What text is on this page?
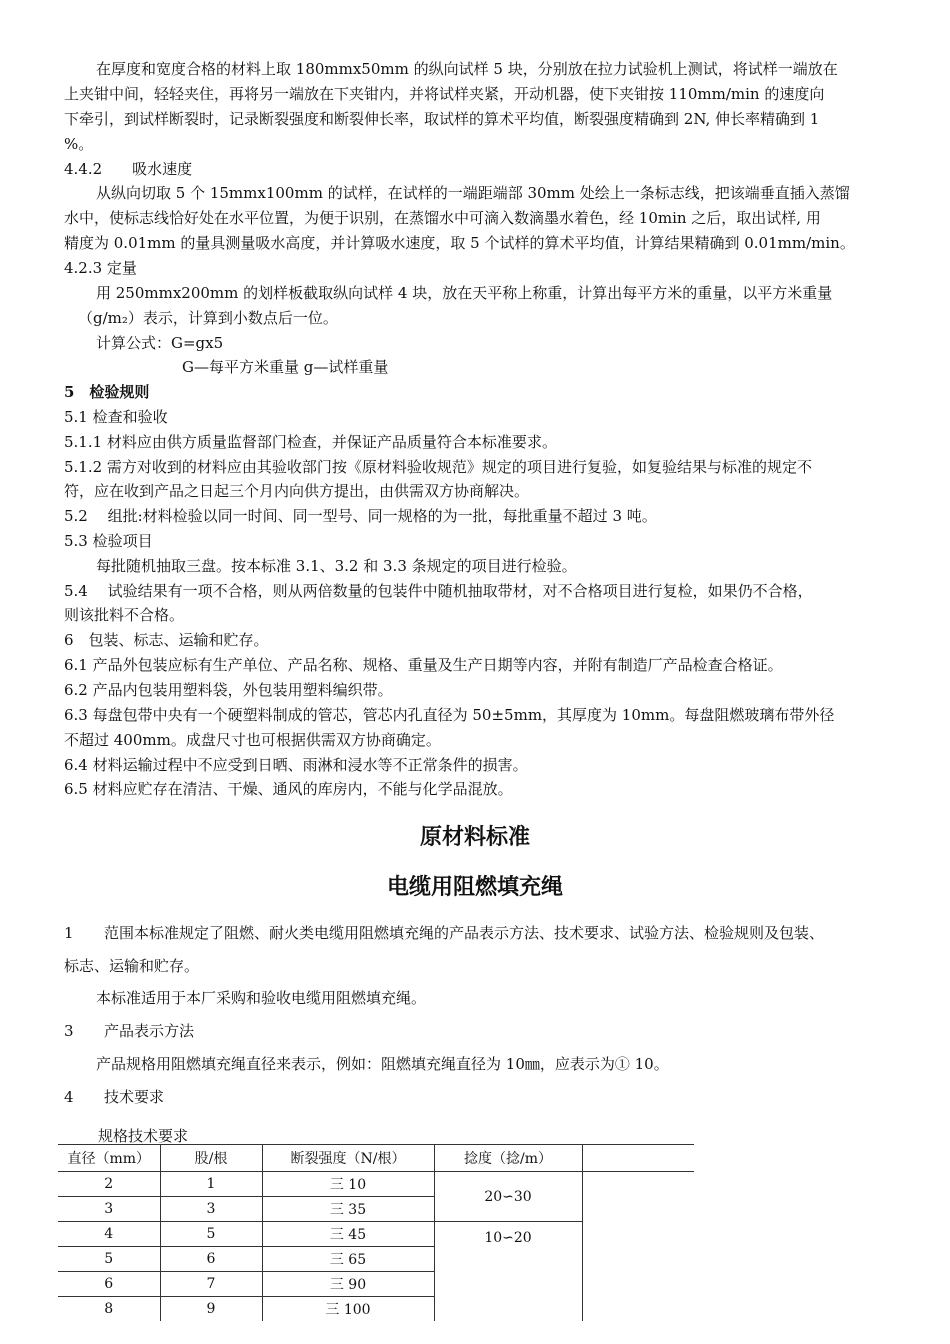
在厚度和宽度合格的材料上取 180mmx50mm 的纵向试样 5 块，分别放在拉力试验机上测试，将试样一端放在
上夹钳中间，轻轻夹住，再将另一端放在下夹钳内，并将试样夹紧，开动机器，使下夹钳按 110mm/min 的速度向
下牵引，到试样断裂时，记录断裂强度和断裂伸长率，取试样的算术平均值，断裂强度精确到 2N, 伸长率精确到 1
%。
4.4.2　　吸水速度
从纵向切取 5 个 15mmx100mm 的试样，在试样的一端距端部 30mm 处绘上一条标志线，把该端垂直插入蒸馏
水中，使标志线恰好处在水平位置，为便于识别，在蒸馏水中可滴入数滴墨水着色，经 10min 之后，取出试样, 用
精度为 0.01mm 的量具测量吸水高度，并计算吸水速度，取 5 个试样的算术平均值，计算结果精确到 0.01mm/min。
4.2.3 定量
用 250mmx200mm 的划样板截取纵向试样 4 块，放在天平称上称重，计算出每平方米的重量，以平方米重量
（g/m₂）表示，计算到小数点后一位。
计算公式：G=gx5
G—每平方米重量 g—试样重量
5　检验规则
5.1 检查和验收
5.1.1 材料应由供方质量监督部门检查，并保证产品质量符合本标准要求。
5.1.2 需方对收到的材料应由其验收部门按《原材料验收规范》规定的项目进行复验，如复验结果与标准的规定不
符，应在收到产品之日起三个月内向供方提出，由供需双方协商解决。
5.2　 组批:材料检验以同一时间、同一型号、同一规格的为一批，每批重量不超过 3 吨。
5.3 检验项目
每批随机抽取三盘。按本标准 3.1、3.2 和 3.3 条规定的项目进行检验。
5.4　 试验结果有一项不合格，则从两倍数量的包装件中随机抽取带材，对不合格项目进行复检，如果仍不合格，
则该批料不合格。
6　包装、标志、运输和贮存。
6.1 产品外包装应标有生产单位、产品名称、规格、重量及生产日期等内容，并附有制造厂产品检查合格证。
6.2 产品内包装用塑料袋，外包装用塑料编织带。
6.3 每盘包带中央有一个硬塑料制成的管芯，管芯内孔直径为 50±5mm，其厚度为 10mm。每盘阻燃玻璃布带外径
不超过 400mm。成盘尺寸也可根据供需双方协商确定。
6.4 材料运输过程中不应受到日晒、雨淋和浸水等不正常条件的损害。
6.5 材料应贮存在清洁、干燥、通风的库房内，不能与化学品混放。
原材料标准
电缆用阻燃填充绳
1 范围本标准规定了阻燃、耐火类电缆用阻燃填充绳的产品表示方法、技术要求、试验方法、检验规则及包装、
标志、运输和贮存。
本标准适用于本厂采购和验收电缆用阻燃填充绳。
3 产品表示方法
产品规格用阻燃填充绳直径来表示，例如：阻燃填充绳直径为 10㎜，应表示为① 10。
4 技术要求
规格技术要求
直径（mm）	股/根	断裂强度（N/根）	捻度（捻/m）	
2	1	三 10	20∽30	
3	3	三 35		
4	5	三 45	10∽20	
5	6	三 65		
6	7	三 90		
8	9	三 100		
